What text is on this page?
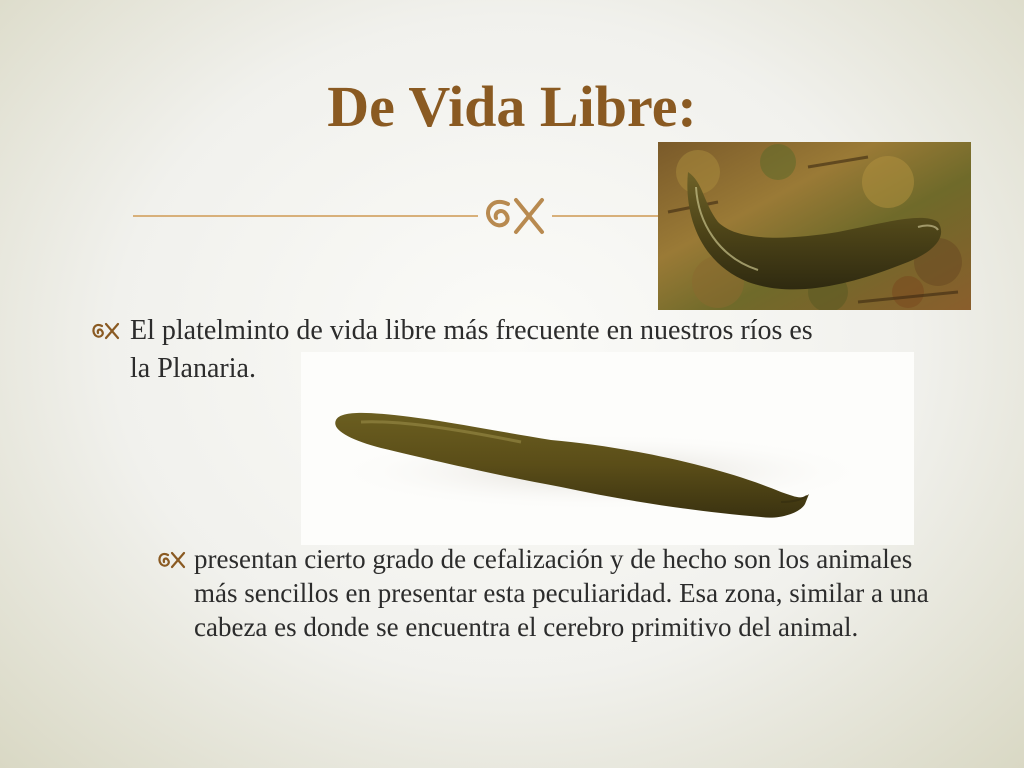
De Vida Libre:
El platelminto de vida libre más frecuente en nuestros ríos es la Planaria.
presentan cierto grado de cefalización y de hecho son los animales más sencillos en presentar esta peculiaridad. Esa zona, similar a una cabeza es donde se encuentra el cerebro primitivo del animal.
